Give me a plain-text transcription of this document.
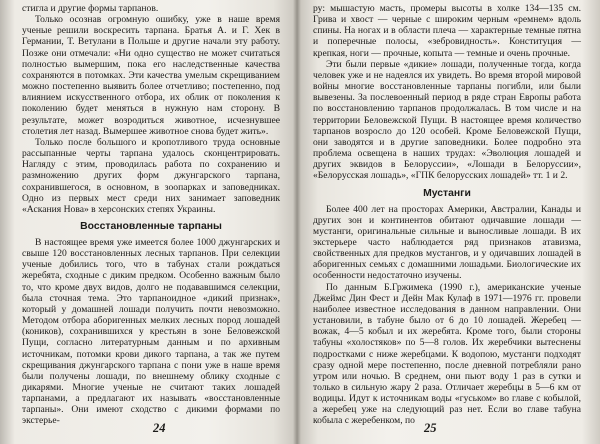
стигла и другие формы тарпанов.

Только осознав огромную ошибку, уже в наше время ученые решили воскресить тарпана. Братья А. и Г. Хек в Германии, Т. Ветулани в Польше и другие начали эту работу. Позже они отмечали: «Ни одно существо не может считаться полностью вымершим, пока его наследственные качества сохраняются в потомках. Эти качества умелым скрещиванием можно постепенно выявить более отчетливо; постепенно, под влиянием искусственного отбора, их облик от поколения к поколению будет меняться в нужную нам сторону. В результате, может возродиться животное, исчезнувшее столетия лет назад. Вымершее животное снова будет жить».

Только после большого и кропотливого труда основные рассыпанные черты тарпана удалось сконцентрировать. Нагляду с этим, проводилась работа по сохранению и размножению других форм джунгарского тарпана, сохранившегося, в основном, в зоопарках и заповедниках. Одно из первых мест среди них занимает заповедник «Аскания Нова» в херсонских степях Украины.

Восстановленные тарпаны

В настоящее время уже имеется более 1000 джунгарских и свыше 120 восстановленных лесных тарпанов. При селекции ученые добились того, что в табунах стали рождаться жеребята, сходные с диким предком. Особенно важным было то, что кроме двух видов, долго не подававшимся селекции, была сточная тема. Это тарпаноидное «дикий признак», который у домашней лошади получить почти невозможно. Методом отбора аборигенных мелких лесных пород лошадей (коников), сохранившихся у крестьян в зоне Беловежской Пущи, согласно литературным данным и по архивным источникам, потомки крови дикого тарпана, а так же путем скрещивания джунгарского тарпана с пони уже в наше время были получены лошади, по внешнему облику сходные с дикарями. Многие ученые не считают таких лошадей тарпанами, а предлагают их называть «восстановленные тарпаны». Они имеют сходство с дикими формами по экстерье-

24

ру: мышастую масть, промеры высоты в холке 134—135 см. Грива и хвост — черные с широким черным «ремнем» вдоль спины. На ногах и в области плеча — характерные темные пятна и поперечные полосы, «зебровидность». Конституция — крепкая, ноги — прочные, копыта — темные и очень прочные.

Эти были первые «дикие» лошади, полученные тогда, когда человек уже и не надеялся их увидеть. Во время второй мировой войны многие восстановленные тарпаны погибли, или были вывезены. За послевоенный период в ряде стран Европы работа по восстановлению тарпанов продолжалась. В том числе и на территории Беловежской Пущи. В настоящее время количество тарпанов возросло до 120 особей. Кроме Беловежской Пущи, они заводятся и в другие заповедники. Более подробно эта проблема освещена в наших трудах: «Эволюция лошадей и других эквидов в Белоруссии», «Лошади в Белоруссии», «Белорусская лошадь», «ГПК белорусских лошадей» тт. 1 и 2.

Мустанги

Более 400 лет на просторах Америки, Австралии, Канады и других зон и континентов обитают одичавшие лошади — мустанги, оригинальные сильные и выносливые лошади. В их экстерьере часто наблюдается ряд признаков атавизма, свойственных для предков мустангов, и у одичавших лошадей в аборигенных семьях с домашними лошадьми. Биологические их особенности недостаточно изучены.

По данным Б.Гржимека (1990 г.), американские ученые Джеймс Дин Фест и Дейн Мак Кулаф в 1971—1976 гг. провели наиболее известное исследования в данном направлении. Они установили, в табуне было от 6 до 10 лошадей. Жеребец — вожак, 4—5 кобыл и их жеребята. Кроме того, были стороны табуны «холостяков» по 5—8 голов. Их жеребчики вытеснены подростками с ниже жеребцами. К водопою, мустанги подходят сразу одной мере постепенно, после дневной потребляли рано утром или ночью. В среднем, они пьют воду 1 раз в сутки и только в сильную жару 2 раза. Отличает жеребцы в 5—6 км от водицы. Идут к источникам воды «гуськом» во главе с кобылой, а жеребец уже на следующий раз нет. Если во главе табуна кобыла с жеребенком, по

25
